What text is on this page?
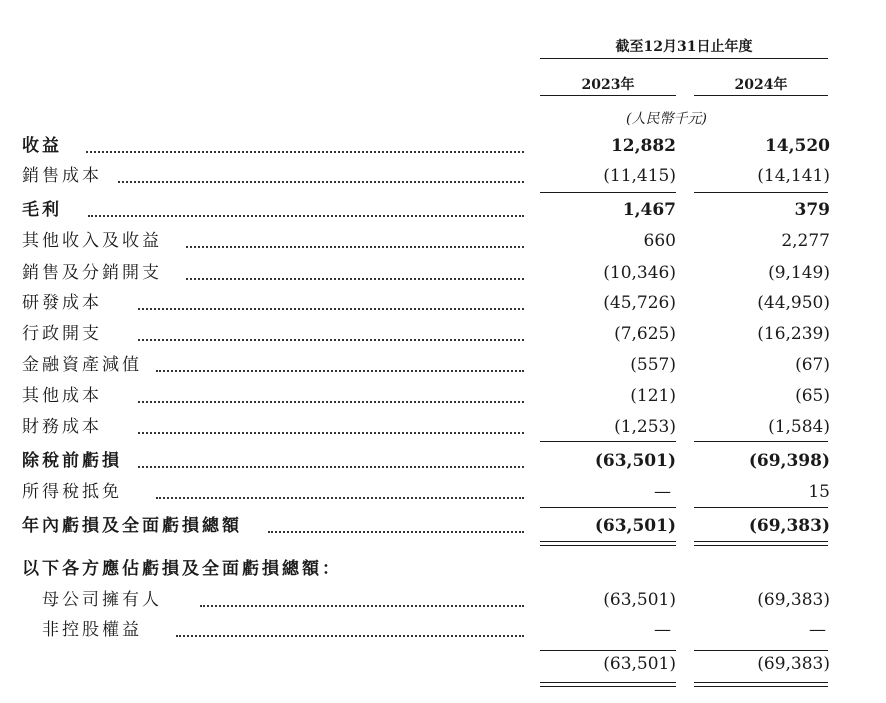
截至12月31日止年度
2023年	2024年
(人民幣千元)
收益	12,882	14,520
銷售成本	(11,415)	(14,141)
毛利	1,467	379
其他收入及收益	660	2,277
銷售及分銷開支	(10,346)	(9,149)
研發成本	(45,726)	(44,950)
行政開支	(7,625)	(16,239)
金融資產減值	(557)	(67)
其他成本	(121)	(65)
財務成本	(1,253)	(1,584)
除稅前虧損	(63,501)	(69,398)
所得稅抵免	—	15
年內虧損及全面虧損總額	(63,501)	(69,383)
以下各方應佔虧損及全面虧損總額：
母公司擁有人	(63,501)	(69,383)
非控股權益	—	—
(63,501)	(69,383)
